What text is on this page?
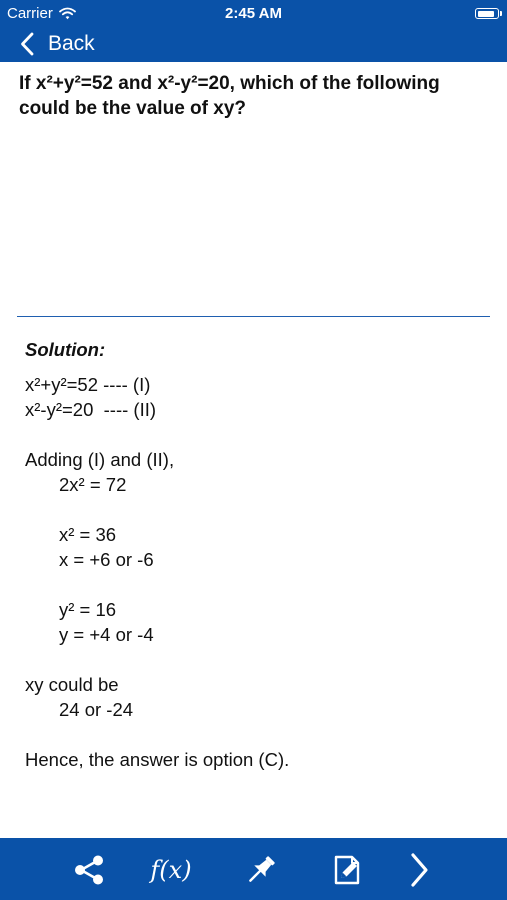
Carrier	2:45 AM
Back

If x²+y²=52 and x²-y²=20, which of the following could be the value of xy?

Solution:
x²+y²=52 ---- (I)
x²-y²=20  ---- (II)
Adding (I) and (II),
2x² = 72
x² = 36
x = +6 or -6
y² = 16
y = +4 or -4
xy could be
24 or -24
Hence, the answer is option (C).
f(x)
